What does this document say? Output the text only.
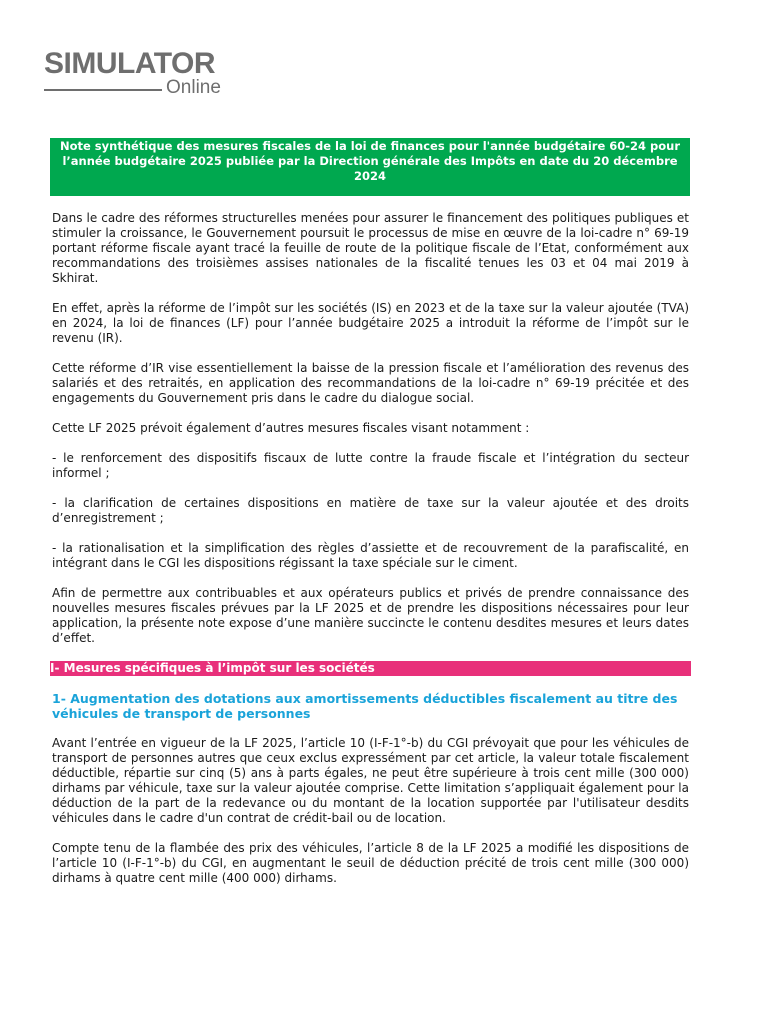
SIMULATOR
Online
Note synthétique des mesures fiscales de la loi de finances pour l'année budgétaire 60-24 pour l’année budgétaire 2025 publiée par la Direction générale des Impôts en date du 20 décembre 2024

Dans le cadre des réformes structurelles menées pour assurer le financement des politiques publiques et stimuler la croissance, le Gouvernement poursuit le processus de mise en œuvre de la loi-cadre n° 69-19 portant réforme fiscale ayant tracé la feuille de route de la politique fiscale de l’Etat, conformément aux recommandations des troisièmes assises nationales de la fiscalité tenues les 03 et 04 mai 2019 à Skhirat.

En effet, après la réforme de l’impôt sur les sociétés (IS) en 2023 et de la taxe sur la valeur ajoutée (TVA) en 2024, la loi de finances (LF) pour l’année budgétaire 2025 a introduit la réforme de l’impôt sur le revenu (IR).

Cette réforme d’IR vise essentiellement la baisse de la pression fiscale et l’amélioration des revenus des salariés et des retraités, en application des recommandations de la loi-cadre n° 69-19 précitée et des engagements du Gouvernement pris dans le cadre du dialogue social.

Cette LF 2025 prévoit également d’autres mesures fiscales visant notamment :

- le renforcement des dispositifs fiscaux de lutte contre la fraude fiscale et l’intégration du secteur informel ;

- la clarification de certaines dispositions en matière de taxe sur la valeur ajoutée et des droits d’enregistrement ;

- la rationalisation et la simplification des règles d’assiette et de recouvrement de la parafiscalité, en intégrant dans le CGI les dispositions régissant la taxe spéciale sur le ciment.

Afin de permettre aux contribuables et aux opérateurs publics et privés de prendre connaissance des nouvelles mesures fiscales prévues par la LF 2025 et de prendre les dispositions nécessaires pour leur application, la présente note expose d’une manière succincte le contenu desdites mesures et leurs dates d’effet.

I- Mesures spécifiques à l’impôt sur les sociétés
1- Augmentation des dotations aux amortissements déductibles fiscalement au titre des véhicules de transport de personnes

Avant l’entrée en vigueur de la LF 2025, l’article 10 (I-F-1°-b) du CGI prévoyait que pour les véhicules de transport de personnes autres que ceux exclus expressément par cet article, la valeur totale fiscalement déductible, répartie sur cinq (5) ans à parts égales, ne peut être supérieure à trois cent mille (300 000) dirhams par véhicule, taxe sur la valeur ajoutée comprise. Cette limitation s’appliquait également pour la déduction de la part de la redevance ou du montant de la location supportée par l'utilisateur desdits véhicules dans le cadre d'un contrat de crédit-bail ou de location.

Compte tenu de la flambée des prix des véhicules, l’article 8 de la LF 2025 a modifié les dispositions de l’article 10 (I-F-1°-b) du CGI, en augmentant le seuil de déduction précité de trois cent mille (300 000) dirhams à quatre cent mille (400 000) dirhams.
